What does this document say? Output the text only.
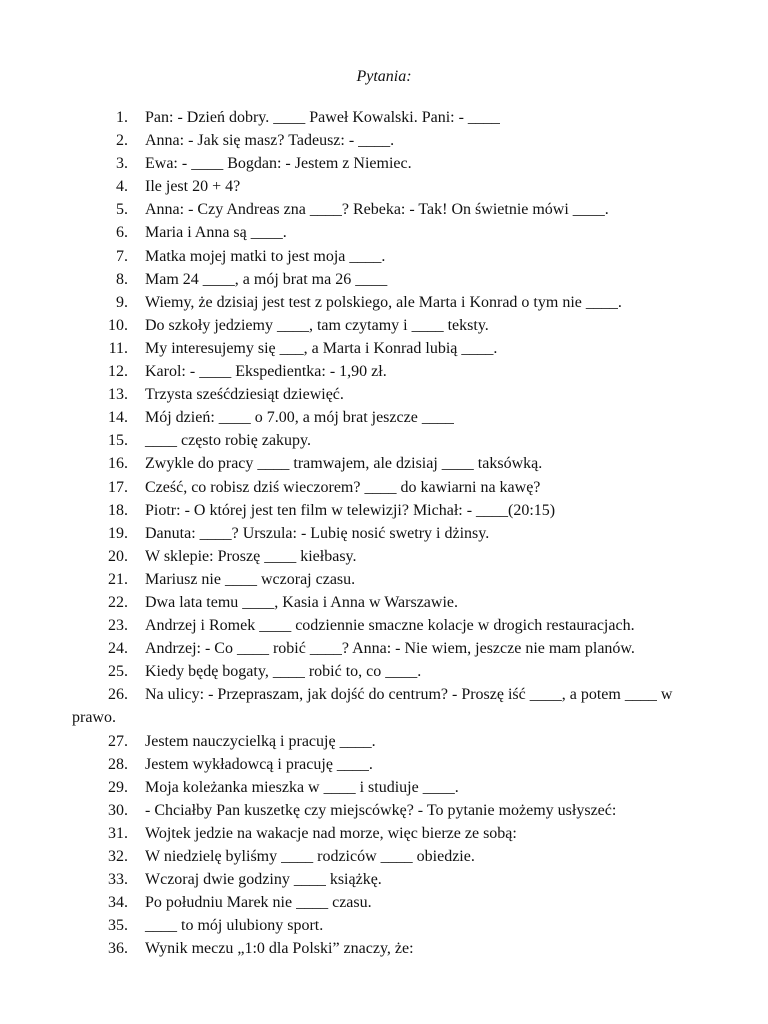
Pytania:
1.	Pan: - Dzień dobry. ____ Paweł Kowalski. Pani: - ____
2.	Anna: - Jak się masz? Tadeusz: - ____.
3.	Ewa: - ____ Bogdan: - Jestem z Niemiec.
4.	Ile jest 20 + 4?
5.	Anna: - Czy Andreas zna ____? Rebeka: - Tak! On świetnie mówi ____.
6.	Maria i Anna są ____.
7.	Matka mojej matki to jest moja ____.
8.	Mam 24 ____, a mój brat ma 26 ____
9.	Wiemy, że dzisiaj jest test z polskiego, ale Marta i Konrad o tym nie ____.
10.	Do szkoły jedziemy ____, tam czytamy i ____ teksty.
11.	My interesujemy się ___, a Marta i Konrad lubią ____.
12.	Karol: - ____ Ekspedientka: - 1,90 zł.
13.	Trzysta sześćdziesiąt dziewięć.
14.	Mój dzień: ____ o 7.00, a mój brat jeszcze ____
15.	____ często robię zakupy.
16.	Zwykle do pracy ____ tramwajem, ale dzisiaj ____ taksówką.
17.	Cześć, co robisz dziś wieczorem? ____ do kawiarni na kawę?
18.	Piotr: - O której jest ten film w telewizji? Michał: - ____(20:15)
19.	Danuta: ____? Urszula: - Lubię nosić swetry i dżinsy.
20.	W sklepie: Proszę ____ kiełbasy.
21.	Mariusz nie ____ wczoraj czasu.
22.	Dwa lata temu ____, Kasia i Anna w Warszawie.
23.	Andrzej i Romek ____ codziennie smaczne kolacje w drogich restauracjach.
24.	Andrzej: - Co ____ robić ____? Anna: - Nie wiem, jeszcze nie mam planów.
25.	Kiedy będę bogaty, ____ robić to, co ____.
26.	Na ulicy: - Przepraszam, jak dojść do centrum? - Proszę iść ____, a potem ____ w prawo.
27.	Jestem nauczycielką i pracuję ____.
28.	Jestem wykładowcą i pracuję ____.
29.	Moja koleżanka mieszka w ____ i studiuje ____.
30.	- Chciałby Pan kuszetkę czy miejscówkę? - To pytanie możemy usłyszeć:
31.	Wojtek jedzie na wakacje nad morze, więc bierze ze sobą:
32.	W niedzielę byliśmy ____ rodziców ____ obiedzie.
33.	Wczoraj dwie godziny ____ książkę.
34.	Po południu Marek nie ____ czasu.
35.	____ to mój ulubiony sport.
36.	Wynik meczu „1:0 dla Polski” znaczy, że:
